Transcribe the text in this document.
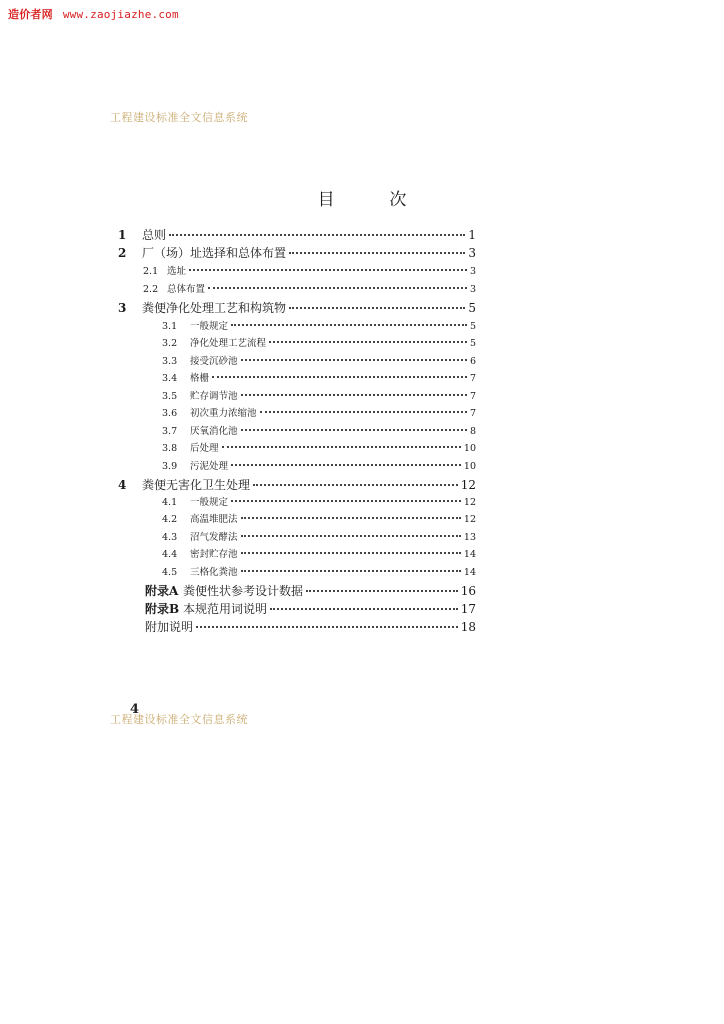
造价者网 www.zaojiazhe.com
工程建设标准全文信息系统
目	次
1	总则	1
2	厂（场）址选择和总体布置	3
2.1 选址	3
2.2 总体布置	3
3	粪便净化处理工艺和构筑物	5
3.1	一般规定	5
3.2	净化处理工艺流程	5
3.3	接受沉砂池	6
3.4	格栅	7
3.5	贮存调节池	7
3.6	初次重力浓缩池	7
3.7	厌氧消化池	8
3.8	后处理	10
3.9	污泥处理	10
4	粪便无害化卫生处理	12
4.1	一般规定	12
4.2	高温堆肥法	12
4.3	沼气发酵法	13
4.4	密封贮存池	14
4.5	三格化粪池	14
附录A 粪便性状参考设计数据	16
附录B 本规范用词说明	17
附加说明	18
4
工程建设标准全文信息系统
